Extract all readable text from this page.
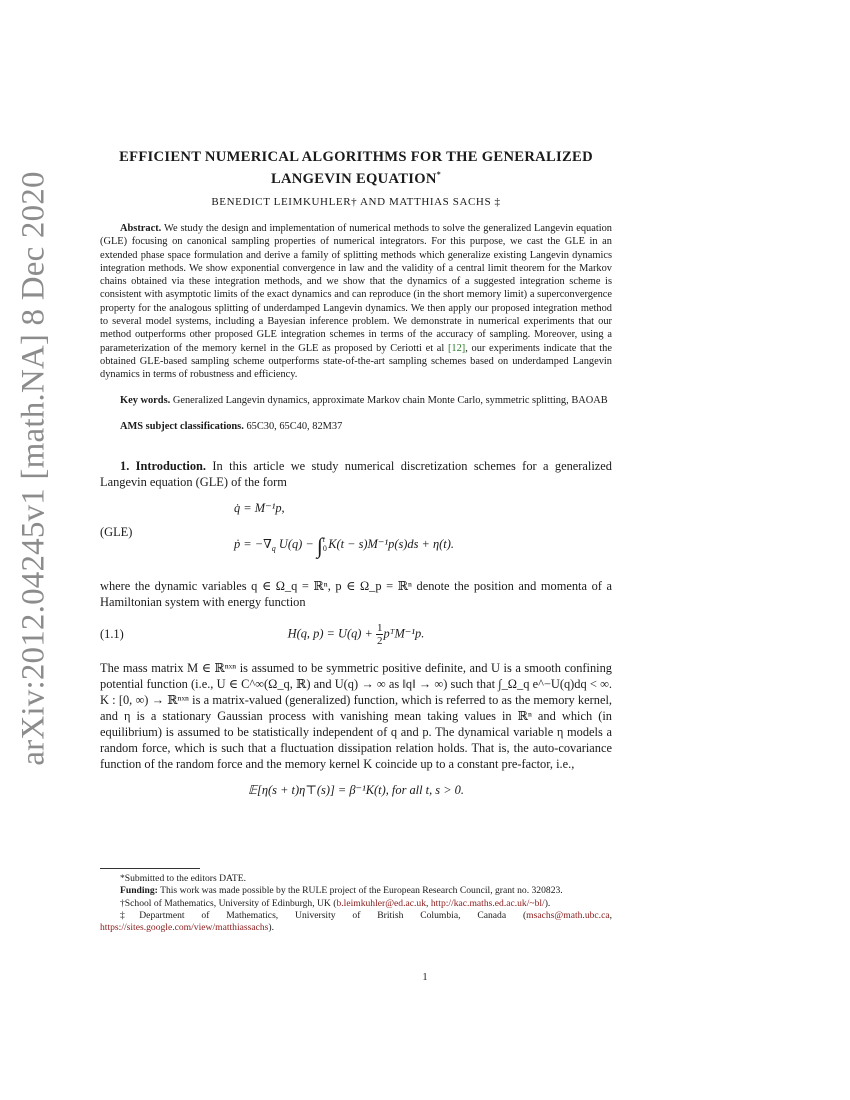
arXiv:2012.04245v1 [math.NA] 8 Dec 2020
EFFICIENT NUMERICAL ALGORITHMS FOR THE GENERALIZED
LANGEVIN EQUATION*
BENEDICT LEIMKUHLER† AND MATTHIAS SACHS ‡

Abstract. We study the design and implementation of numerical methods to solve the generalized Langevin equation (GLE) focusing on canonical sampling properties of numerical integrators. For this purpose, we cast the GLE in an extended phase space formulation and derive a family of splitting methods which generalize existing Langevin dynamics integration methods. We show exponential convergence in law and the validity of a central limit theorem for the Markov chains obtained via these integration methods, and we show that the dynamics of a suggested integration scheme is consistent with asymptotic limits of the exact dynamics and can reproduce (in the short memory limit) a superconvergence property for the analogous splitting of underdamped Langevin dynamics. We then apply our proposed integration method to several model systems, including a Bayesian inference problem. We demonstrate in numerical experiments that our method outperforms other proposed GLE integration schemes in terms of the accuracy of sampling. Moreover, using a parameterization of the memory kernel in the GLE as proposed by Ceriotti et al [12], our experiments indicate that the obtained GLE-based sampling scheme outperforms state-of-the-art sampling schemes based on underdamped Langevin dynamics in terms of robustness and efficiency.

Key words. Generalized Langevin dynamics, approximate Markov chain Monte Carlo, symmetric splitting, BAOAB

AMS subject classifications. 65C30, 65C40, 82M37

1. Introduction. In this article we study numerical discretization schemes for a generalized Langevin equation (GLE) of the form

(GLE)
q̇ = M⁻¹p,
ṗ = $-\nabla_q$ $U(q) - \int_0^t$ K(t − s)M⁻¹p(s)ds + η(t).

where the dynamic variables q ∈ Ω_q = ℝⁿ, p ∈ Ω_p = ℝⁿ denote the position and momenta of a Hamiltonian system with energy function

(1.1)	H(q, $p) = U(q) + \frac{1}{2}$ pᵀM⁻¹p.

The mass matrix M ∈ ℝⁿˣⁿ is assumed to be symmetric positive definite, and U is a smooth confining potential function (i.e., U ∈ C^∞(Ω_q, ℝ) and U(q) → ∞ as ‖q‖ → ∞) such that ∫_Ω_q e^−U(q)dq < ∞. K : [0, ∞) → ℝⁿˣⁿ is a matrix-valued (generalized) function, which is referred to as the memory kernel, and η is a stationary Gaussian process with vanishing mean taking values in ℝⁿ and which (in equilibrium) is assumed to be statistically independent of q and p. The dynamical variable η models a random force, which is such that a fluctuation dissipation relation holds. That is, the auto-covariance function of the random force and the memory kernel K coincide up to a constant pre-factor, i.e.,

𝔼[η(s + t)η⊤(s)] = β⁻¹K(t), for all t, s > 0.
*Submitted to the editors DATE.
Funding: This work was made possible by the RULE project of the European Research Council, grant no. 320823.
†School of Mathematics, University of Edinburgh, UK (b.leimkuhler@ed.ac.uk, http://kac.maths.ed.ac.uk/~bl/).
‡Department of Mathematics, University of British Columbia, Canada (msachs@math.ubc.ca, https://sites.google.com/view/matthiassachs).
1
